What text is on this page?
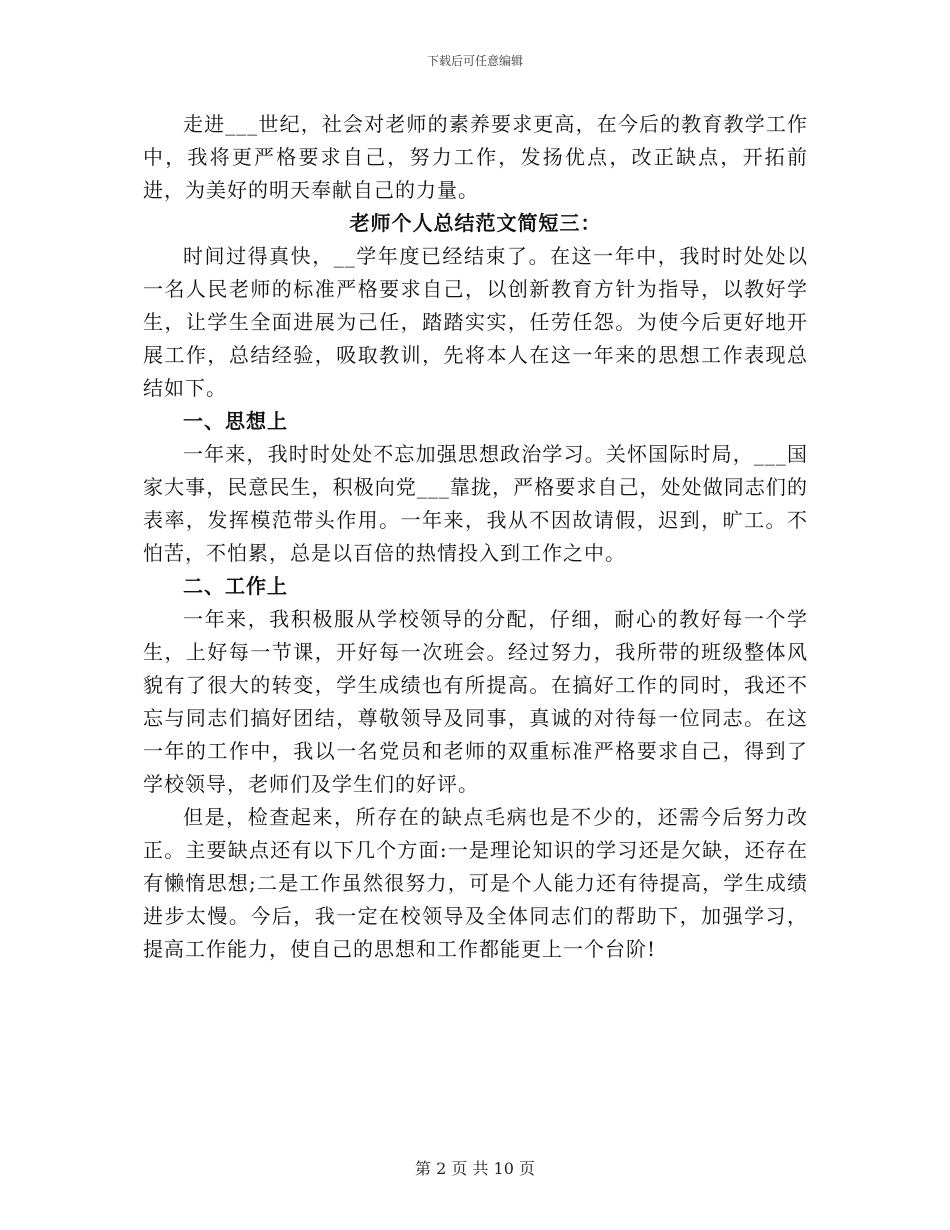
下载后可任意编辑

走进___世纪，社会对老师的素养要求更高，在今后的教育教学工作中，我将更严格要求自己，努力工作，发扬优点，改正缺点，开拓前进，为美好的明天奉献自己的力量。

老师个人总结范文简短三：

时间过得真快，__学年度已经结束了。在这一年中，我时时处处以一名人民老师的标准严格要求自己，以创新教育方针为指导，以教好学生，让学生全面进展为己任，踏踏实实，任劳任怨。为使今后更好地开展工作，总结经验，吸取教训，先将本人在这一年来的思想工作表现总结如下。

一、思想上

一年来，我时时处处不忘加强思想政治学习。关怀国际时局，___国家大事，民意民生，积极向党___靠拢，严格要求自己，处处做同志们的表率，发挥模范带头作用。一年来，我从不因故请假，迟到，旷工。不怕苦，不怕累，总是以百倍的热情投入到工作之中。

二、工作上

一年来，我积极服从学校领导的分配，仔细，耐心的教好每一个学生，上好每一节课，开好每一次班会。经过努力，我所带的班级整体风貌有了很大的转变，学生成绩也有所提高。在搞好工作的同时，我还不忘与同志们搞好团结，尊敬领导及同事，真诚的对待每一位同志。在这一年的工作中，我以一名党员和老师的双重标准严格要求自己，得到了学校领导，老师们及学生们的好评。

但是，检查起来，所存在的缺点毛病也是不少的，还需今后努力改正。主要缺点还有以下几个方面:一是理论知识的学习还是欠缺，还存在有懒惰思想;二是工作虽然很努力，可是个人能力还有待提高，学生成绩进步太慢。今后，我一定在校领导及全体同志们的帮助下，加强学习，提高工作能力，使自己的思想和工作都能更上一个台阶!

第 2 页 共 10 页
